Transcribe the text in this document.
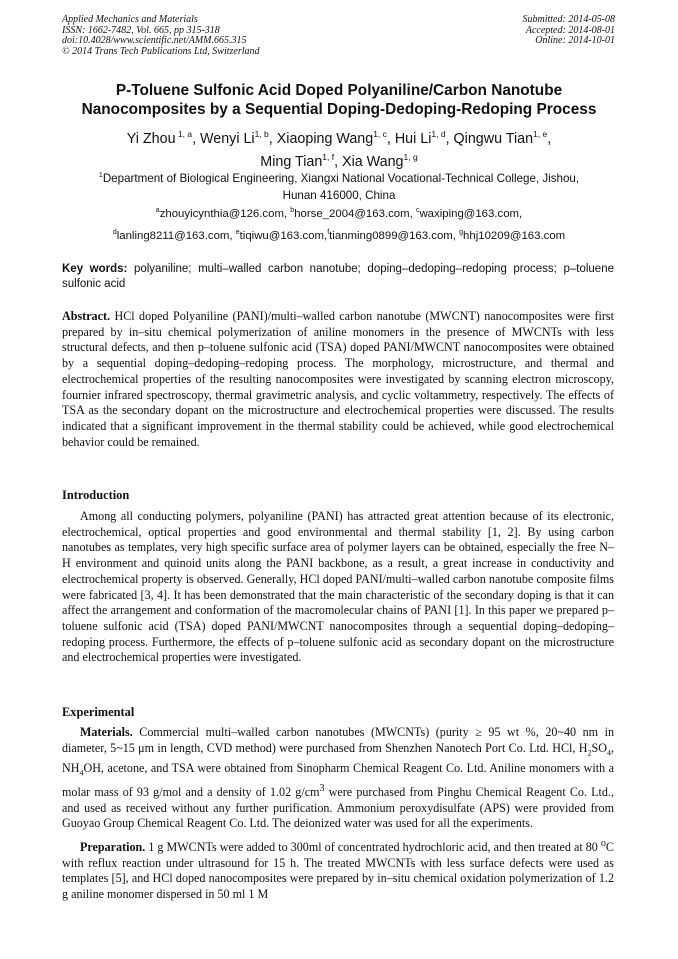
Applied Mechanics and Materials
ISSN: 1662-7482, Vol. 665, pp 315-318
doi:10.4028/www.scientific.net/AMM.665.315
© 2014 Trans Tech Publications Ltd, Switzerland
Submitted: 2014-05-08
Accepted: 2014-08-01
Online: 2014-10-01
P-Toluene Sulfonic Acid Doped Polyaniline/Carbon Nanotube
Nanocomposites by a Sequential Doping-Dedoping-Redoping Process
Yi Zhou $^{1, a}$, Wenyi Li$^{1, b}$, Xiaoping Wang$^{1, c}$, Hui Li$^{1, d}$, Qingwu Tian$^{1, e}$,
Ming Tian$^{1, f}$, Xia Wang$^{1, g}$
$^1$Department of Biological Engineering, Xiangxi National Vocational-Technical College, Jishou,
Hunan 416000, China
$^a$zhouyicynthia@126.com, $^b$horse_2004@163.com, $^c$waxiping@163.com,
$^d$lanling8211@163.com, $^e$tiqiwu@163.com,$^f$tianming0899@163.com, $^g$hhj10209@163.com
Key words: polyaniline; multi–walled carbon nanotube; doping–dedoping–redoping process; p–toluene sulfonic acid
Abstract. HCl doped Polyaniline (PANI)/multi–walled carbon nanotube (MWCNT) nanocomposites were first prepared by in–situ chemical polymerization of aniline monomers in the presence of MWCNTs with less structural defects, and then p–toluene sulfonic acid (TSA) doped PANI/MWCNT nanocomposites were obtained by a sequential doping–dedoping–redoping process. The morphology, microstructure, and thermal and electrochemical properties of the resulting nanocomposites were investigated by scanning electron microscopy, fournier infrared spectroscopy, thermal gravimetric analysis, and cyclic voltammetry, respectively. The effects of TSA as the secondary dopant on the microstructure and electrochemical properties were discussed. The results indicated that a significant improvement in the thermal stability could be achieved, while good electrochemical behavior could be remained.
Introduction
Among all conducting polymers, polyaniline (PANI) has attracted great attention because of its electronic, electrochemical, optical properties and good environmental and thermal stability [1, 2]. By using carbon nanotubes as templates, very high specific surface area of polymer layers can be obtained, especially the free N–H environment and quinoid units along the PANI backbone, as a result, a great increase in conductivity and electrochemical property is observed. Generally, HCl doped PANI/multi–walled carbon nanotube composite films were fabricated [3, 4]. It has been demonstrated that the main characteristic of the secondary doping is that it can affect the arrangement and conformation of the macromolecular chains of PANI [1]. In this paper we prepared p–toluene sulfonic acid (TSA) doped PANI/MWCNT nanocomposites through a sequential doping–dedoping–redoping process. Furthermore, the effects of p–toluene sulfonic acid as secondary dopant on the microstructure and electrochemical properties were investigated.
Experimental
Materials. Commercial multi–walled carbon nanotubes (MWCNTs) (purity ≥ 95 wt %, 20~40 nm in diameter, 5~15 μm in length, CVD method) were purchased from Shenzhen Nanotech Port Co. Ltd. HCl, $H_2SO_4$, $NH_4OH$, acetone, and TSA were obtained from Sinopharm Chemical Reagent Co. Ltd. Aniline monomers with a molar mass of 93 g/mol and a density of 1.02 $g/cm^3$ were purchased from Pinghu Chemical Reagent Co. Ltd., and used as received without any further purification. Ammonium peroxydisulfate (APS) were provided from Guoyao Group Chemical Reagent Co. Ltd. The deionized water was used for all the experiments.
Preparation. 1 g MWCNTs were added to 300ml of concentrated hydrochloric acid, and then treated at 80 $^o$C with reflux reaction under ultrasound for 15 h. The treated MWCNTs with less surface defects were used as templates [5], and HCl doped nanocomposites were prepared by in–situ chemical oxidation polymerization of 1.2 g aniline monomer dispersed in 50 ml 1 M
